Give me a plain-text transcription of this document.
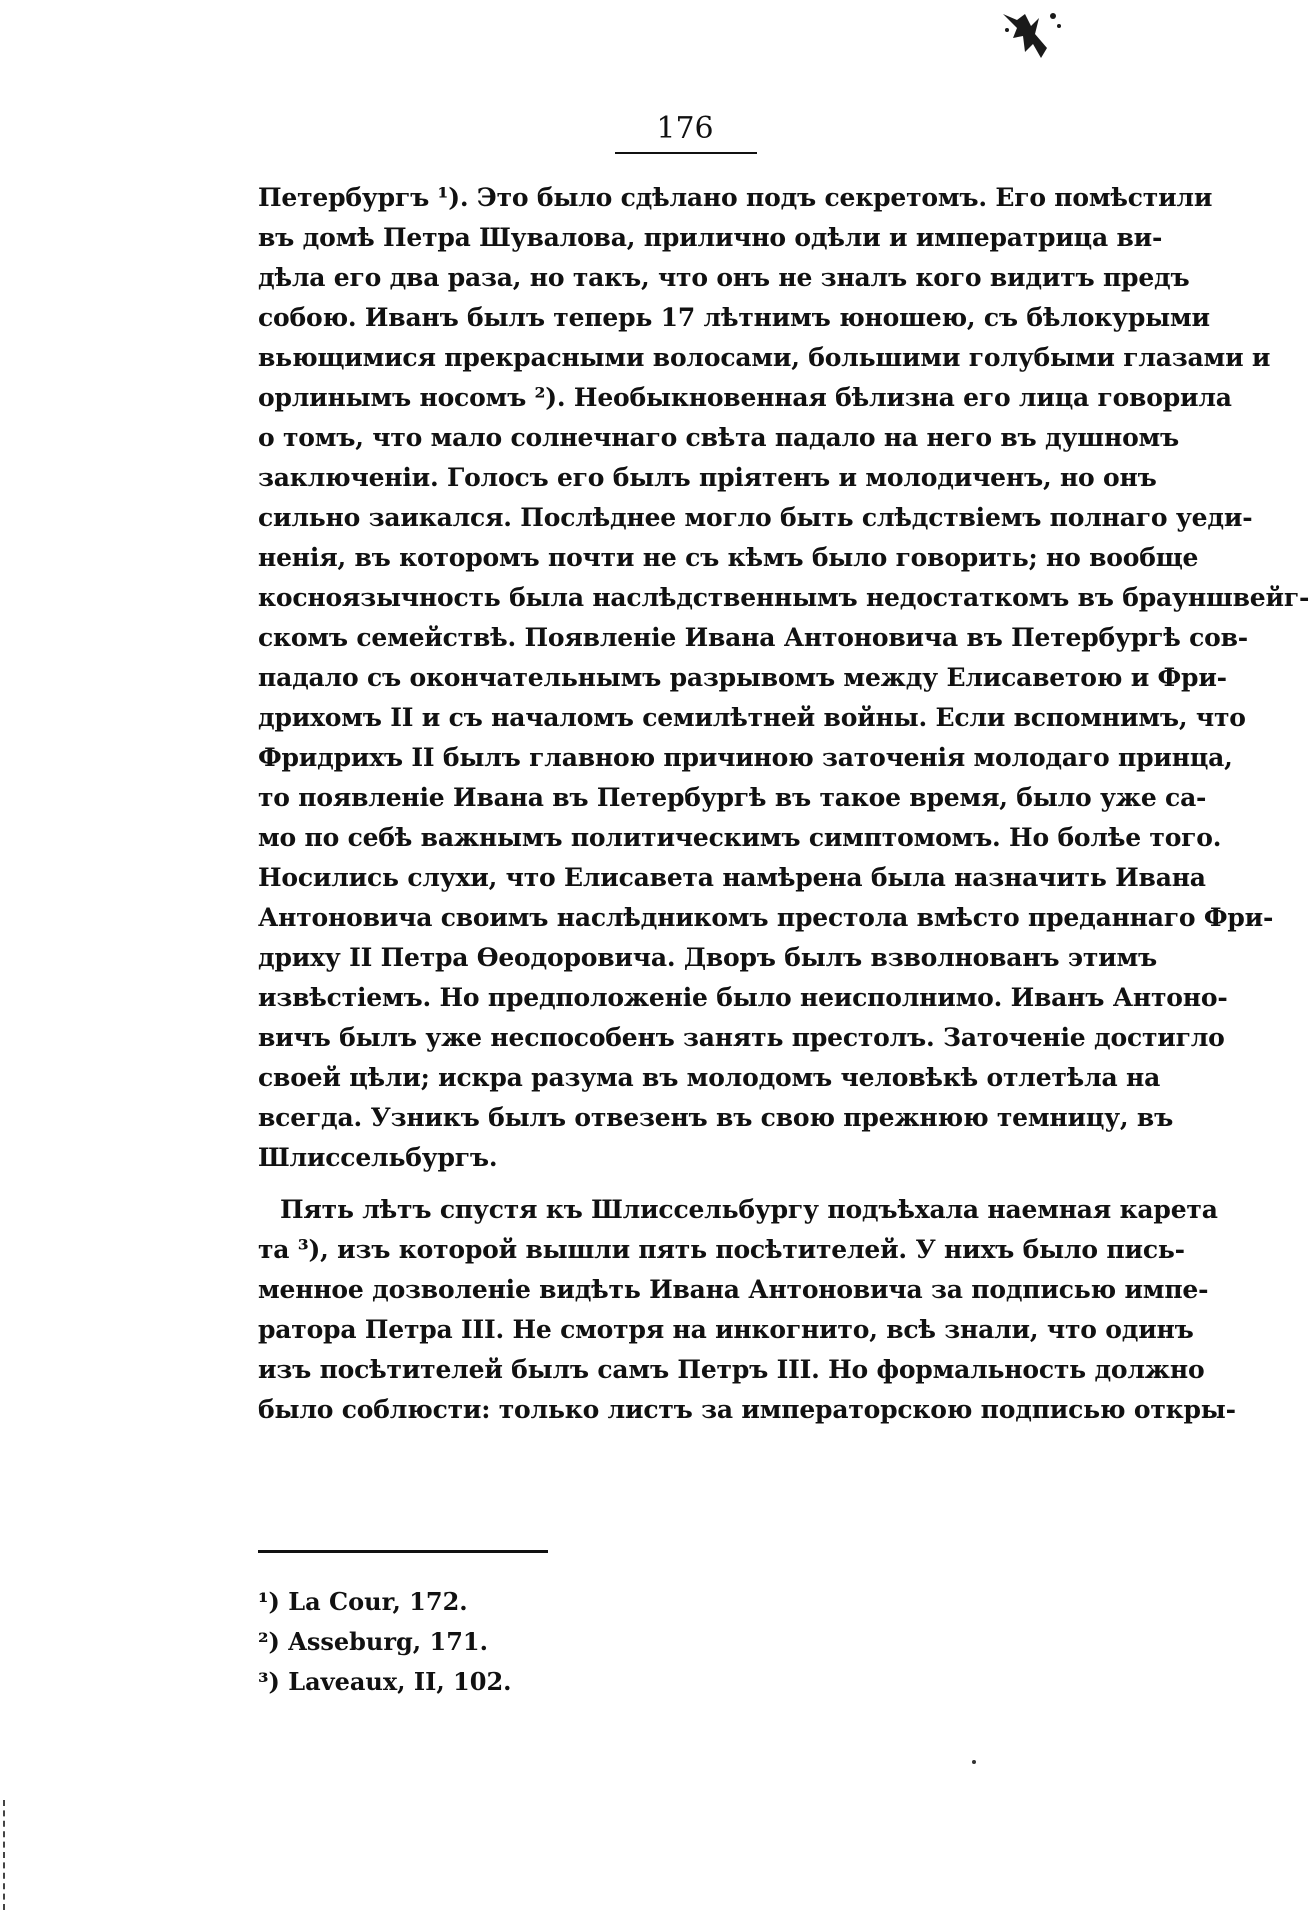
176
Петербургъ ¹). Это было сдѣлано подъ секретомъ. Его помѣстили
въ домѣ Петра Шувалова, прилично одѣли и императрица ви-
дѣла его два раза, но такъ, что онъ не зналъ кого видитъ предъ
собою. Иванъ былъ теперь 17 лѣтнимъ юношею, съ бѣлокурыми
вьющимися прекрасными волосами, большими голубыми глазами и
орлинымъ носомъ ²). Необыкновенная бѣлизна его лица говорила
о томъ, что мало солнечнаго свѣта падало на него въ душномъ
заключеніи. Голосъ его былъ пріятенъ и молодиченъ, но онъ
сильно заикался. Послѣднее могло быть слѣдствіемъ полнаго уеди-
ненія, въ которомъ почти не съ кѣмъ было говорить; но вообще
косноязычность была наслѣдственнымъ недостаткомъ въ брауншвейг-
скомъ семействѣ. Появленіе Ивана Антоновича въ Петербургѣ сов-
падало съ окончательнымъ разрывомъ между Елисаветою и Фри-
дрихомъ II и съ началомъ семилѣтней войны. Если вспомнимъ, что
Фридрихъ II былъ главною причиною заточенія молодаго принца,
то появленіе Ивана въ Петербургѣ въ такое время, было уже са-
мо по себѣ важнымъ политическимъ симптомомъ. Но болѣе того.
Носились слухи, что Елисавета намѣрена была назначить Ивана
Антоновича своимъ наслѣдникомъ престола вмѣсто преданнаго Фри-
дриху II Петра Ѳеодоровича. Дворъ былъ взволнованъ этимъ
извѣстіемъ. Но предположеніе было неисполнимо. Иванъ Антоно-
вичъ былъ уже неспособенъ занять престолъ. Заточеніе достигло
своей цѣли; искра разума въ молодомъ человѣкѣ отлетѣла на
всегда. Узникъ былъ отвезенъ въ свою прежнюю темницу, въ
Шлиссельбургъ.
Пять лѣтъ спустя къ Шлиссельбургу подъѣхала наемная карета
та ³), изъ которой вышли пять посѣтителей. У нихъ было пись-
менное дозволеніе видѣть Ивана Антоновича за подписью импе-
ратора Петра III. Не смотря на инкогнито, всѣ знали, что одинъ
изъ посѣтителей былъ самъ Петръ III. Но формальность должно
было соблюсти: только листъ за императорскою подписью откры-
¹) La Cour, 172.
²) Asseburg, 171.
³) Laveaux, II, 102.
